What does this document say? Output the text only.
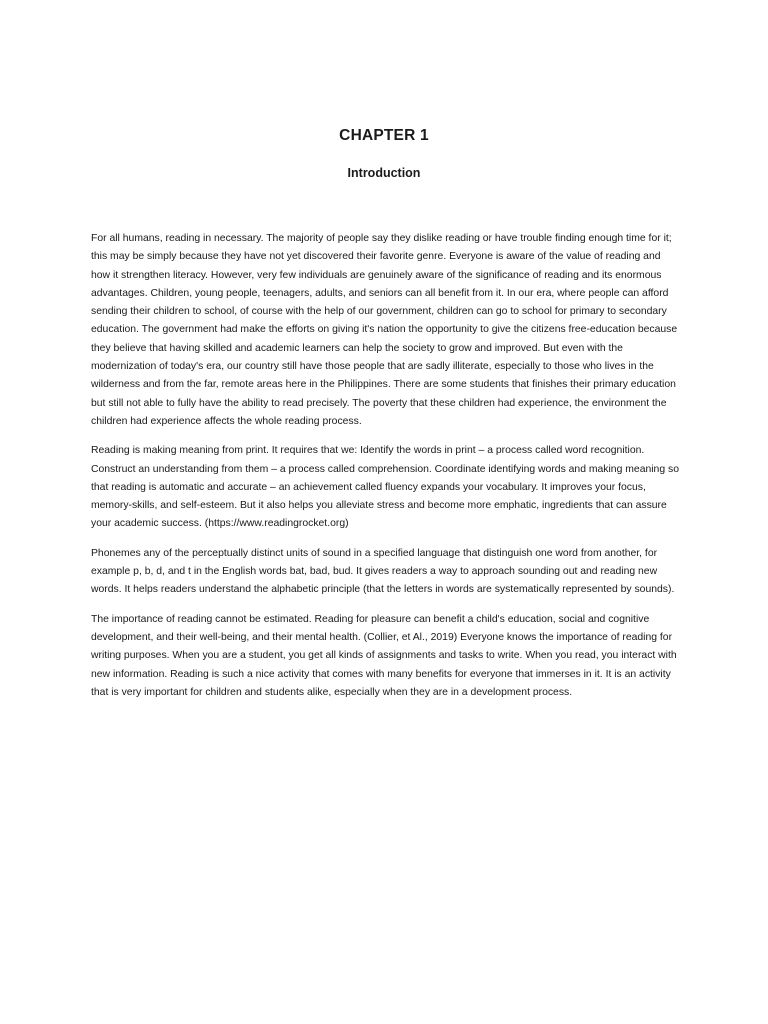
CHAPTER 1
Introduction

For all humans, reading in necessary. The majority of people say they dislike reading or have trouble finding enough time for it; this may be simply because they have not yet discovered their favorite genre. Everyone is aware of the value of reading and how it strengthen literacy. However, very few individuals are genuinely aware of the significance of reading and its enormous advantages. Children, young people, teenagers, adults, and seniors can all benefit from it. In our era, where people can afford sending their children to school, of course with the help of our government, children can go to school for primary to secondary education. The government had make the efforts on giving it's nation the opportunity to give the citizens free-education because they believe that having skilled and academic learners can help the society to grow and improved. But even with the modernization of today's era, our country still have those people that are sadly illiterate, especially to those who lives in the wilderness and from the far, remote areas here in the Philippines. There are some students that finishes their primary education but still not able to fully have the ability to read precisely. The poverty that these children had experience, the environment the children had experience affects the whole reading process.

Reading is making meaning from print. It requires that we: Identify the words in print – a process called word recognition. Construct an understanding from them – a process called comprehension. Coordinate identifying words and making meaning so that reading is automatic and accurate – an achievement called fluency expands your vocabulary. It improves your focus, memory-skills, and self-esteem. But it also helps you alleviate stress and become more emphatic, ingredients that can assure your academic success. (https://www.readingrocket.org)

Phonemes any of the perceptually distinct units of sound in a specified language that distinguish one word from another, for example p, b, d, and t in the English words bat, bad, bud. It gives readers a way to approach sounding out and reading new words. It helps readers understand the alphabetic principle (that the letters in words are systematically represented by sounds).

The importance of reading cannot be estimated. Reading for pleasure can benefit a child's education, social and cognitive development, and their well-being, and their mental health. (Collier, et Al., 2019) Everyone knows the importance of reading for writing purposes. When you are a student, you get all kinds of assignments and tasks to write. When you read, you interact with new information. Reading is such a nice activity that comes with many benefits for everyone that immerses in it. It is an activity that is very important for children and students alike, especially when they are in a development process.
